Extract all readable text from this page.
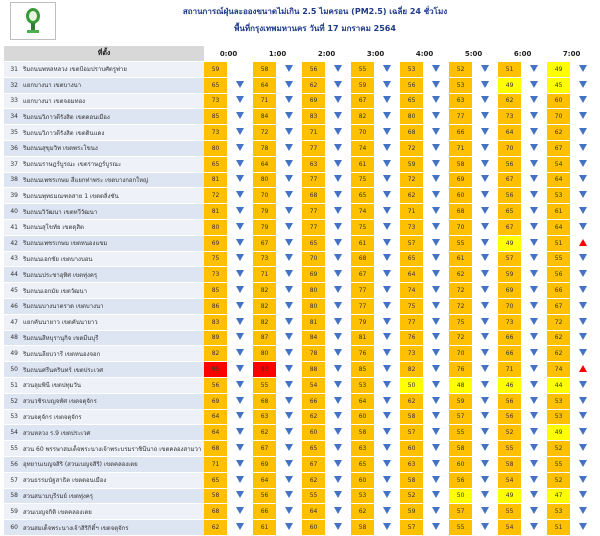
สถานการณ์ฝุ่นละอองขนาดไม่เกิน 2.5 ไมครอน (PM2.5) เฉลี่ย 24 ชั่วโมง
พื้นที่กรุงเทพมหานคร วันที่ 17 มกราคม 2564
ที่ตั้ง		0:00		1:00		2:00		3:00		4:00		5:00		6:00		7:00	
31	ริมถนนพหลหลวง เขตป้อมปราบศัตรูพ่าย	59		58		56		55		53		52		51		49	
32	แยกบางนา เขตบางนา	65		64		62		59		56		53		49		45	
33	แยกบางนา เขตจอมทอง	73		71		69		67		65		63		62		60	
34	ริมถนนวิภาวดีรังสิต เขตดอนเมือง	85		84		83		82		80		77		73		70	
35	ริมถนนวิภาวดีรังสิต เขตดินแดง	73		72		71		70		68		66		64		62	
36	ริมถนนสุขุมวิท เขตพระโขนง	80		78		77		74		72		71		70		67	
37	ริมถนนราษฎร์บูรณะ เขตราษฎร์บูรณะ	65		64		63		61		59		58		56		54	
38	ริมถนนเพชรเกษม สี่แยกท่าพระ เขตบางกอกใหญ่	81		80		77		75		72		69		67		64	
39	ริมถนนพุทธมณฑลสาย 1 เขตตลิ่งชัน	72		70		68		65		62		60		56		53	
40	ริมถนนวิวัฒนา เขตทวีวัฒนา	81		79		77		74		71		68		65		61	
41	ริมถนนสุโขทัย เขตดุสิต	80		79		77		75		73		70		67		64	
42	ริมถนนเพชรเกษม เขตหนองแขม	69		67		65		61		57		55		49		51	
43	ริมถนนเอกชัย เขตบางบอน	75		73		70		68		65		61		57		55	
44	ริมถนนประชาอุทิศ เขตทุ่งครุ	73		71		69		67		64		62		59		56	
45	ริมถนนเอกมัย เขตวัฒนา	85		82		80		77		74		72		69		66	
46	ริมถนนบางนาตราด เขตบางนา	86		82		80		77		75		72		70		67	
47	แยกคันนายาว เขตคันนายาว	83		82		81		79		77		75		73		72	
48	ริมถนนสีหบุรานุกิจ เขตมีนบุรี	89		87		84		81		76		72		66		62	
49	ริมถนนลียบวารี เขตหนองจอก	82		80		78		76		73		70		66		62	
50	ริมถนนศรีนครินทร์ เขตประเวศ	95		93		88		85		82		76		71		74	
51	สวนลุมพินี เขตปทุมวัน	56		55		54		53		50		48		46		44	
52	สวนวชิรเบญจทัศ เขตจตุจักร	69		68		66		64		62		59		56		53	
53	สวนจตุจักร เขตจตุจักร	64		63		62		60		58		57		56		53	
54	สวนหลวง ร.9 เขตประเวศ	64		62		60		58		57		55		52		49	
55	สวน 60 พรรษาสมเด็จพระนางเจ้าพระบรมราชินีนาถ เขตคลองสามวา	68		67		65		63		60		58		55		52	
56	อุทยานเบญจสิริ (สวนเบญจสิริ) เขตคลองเตย	71		69		67		65		63		60		58		55	
57	สวนธรรมนัฐสาธิต เขตดอนเมือง	65		64		62		60		58		56		54		52	
58	สวนสนามบุรีรมย์ เขตทุ่งครุ	58		56		55		53		52		50		49		47	
59	สวนเบญจกิติ เขตคลองเตย	68		66		64		62		59		57		55		53	
60	สวนสมเด็จพระนางเจ้าสิริกิติ์ฯ เขตจตุจักร	62		61		60		58		57		55		54		51	
